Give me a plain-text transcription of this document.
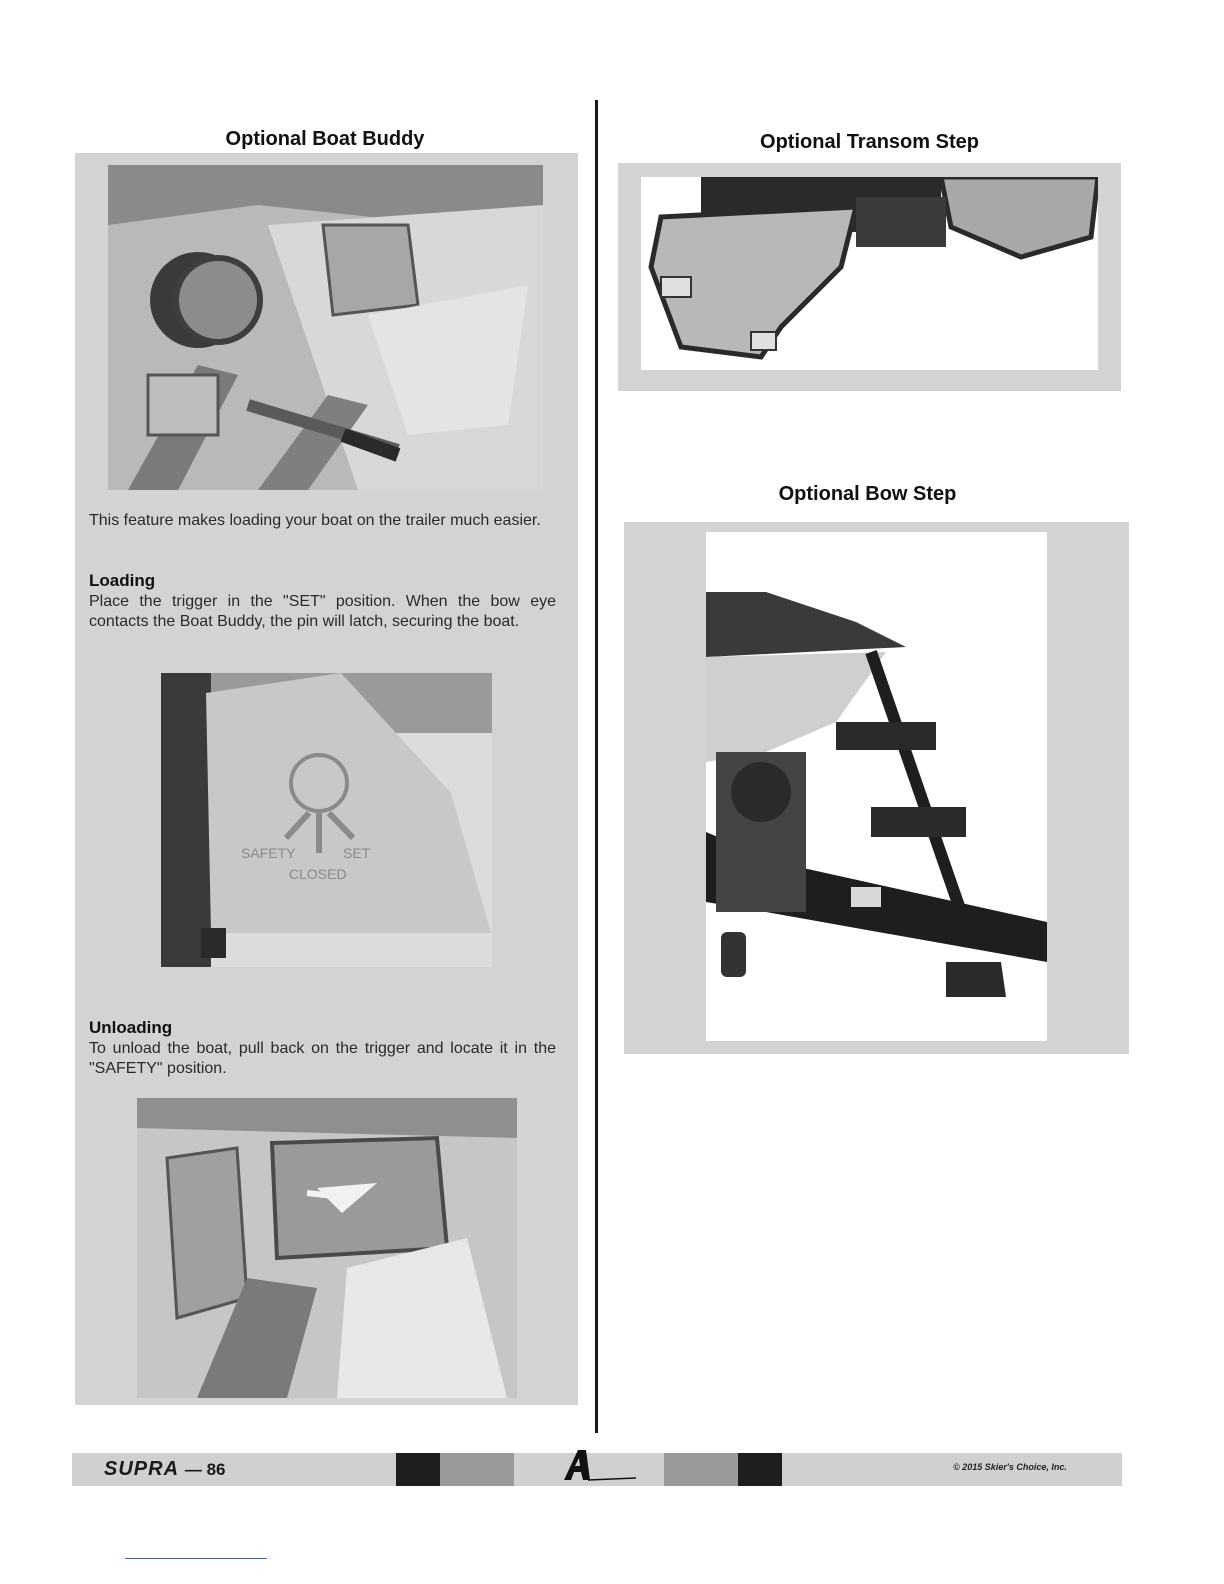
Optional Boat Buddy
This feature makes loading your boat on the trailer much easier.
Loading
Place the trigger in the "SET" position. When the bow eye contacts the Boat Buddy, the pin will latch, securing the boat.
SAFETY	SET
CLOSED
Unloading
To unload the boat, pull back on the trigger and locate it in the "SAFETY" position.
Optional Transom Step
Optional Bow Step
SUPRA — 86	© 2015 Skier's Choice, Inc.
